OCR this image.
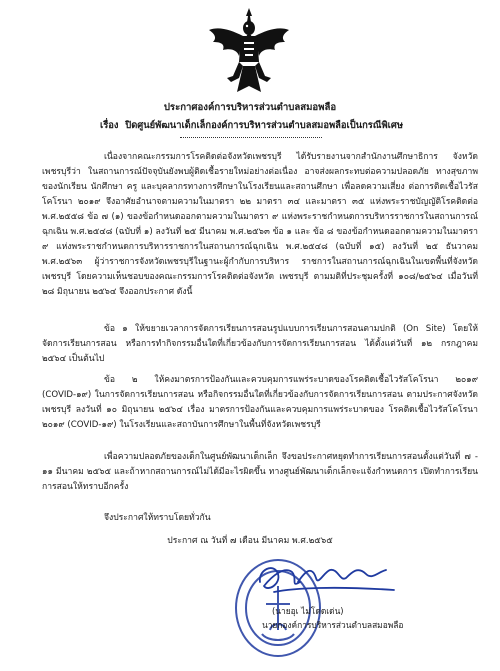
ประกาศองค์การบริหารส่วนตำบลสมอพลือ
เรื่อง ปิดศูนย์พัฒนาเด็กเล็กองค์การบริหารส่วนตำบลสมอพลือเป็นกรณีพิเศษ

เนื่องจากคณะกรรมการโรคติดต่อจังหวัดเพชรบุรี ได้รับรายงานจากสำนักงานศึกษาธิการ จังหวัดเพชรบุรีว่า ในสถานการณ์ปัจจุบันยังพบผู้ติดเชื้อรายใหม่อย่างต่อเนื่อง อาจส่งผลกระทบต่อความปลอดภัย ทางสุขภาพของนักเรียน นักศึกษา ครู และบุคลากรทางการศึกษาในโรงเรียนและสถานศึกษา เพื่อลดความเสี่ยง ต่อการติดเชื้อไวรัสโคโรนา ๒๐๑๙ จึงอาศัยอำนาจตามความในมาตรา ๒๒ มาตรา ๓๔ และมาตรา ๓๕ แห่งพระราชบัญญัติโรคติดต่อ พ.ศ.๒๕๕๘ ข้อ ๗ (๑) ของข้อกำหนดออกตามความในมาตรา ๙ แห่งพระราชกำหนดการบริหารราชการในสถานการณ์ฉุกเฉิน พ.ศ.๒๕๔๘ (ฉบับที่ ๑) ลงวันที่ ๒๕ มีนาคม พ.ศ.๒๕๖๓ ข้อ ๑ และ ข้อ ๘ ของข้อกำหนดออกตามความในมาตรา ๙ แห่งพระราชกำหนดการบริหารราชการในสถานการณ์ฉุกเฉิน พ.ศ.๒๕๔๘ (ฉบับที่ ๑๕) ลงวันที่ ๒๕ ธันวาคม พ.ศ.๒๕๖๓ ผู้ว่าราชการจังหวัดเพชรบุรีในฐานะผู้กำกับการบริหาร ราชการในสถานการณ์ฉุกเฉินในเขตพื้นที่จังหวัดเพชรบุรี โดยความเห็นชอบของคณะกรรมการโรคติดต่อจังหวัด เพชรบุรี ตามมติที่ประชุมครั้งที่ ๑๐๘/๒๕๖๔ เมื่อวันที่ ๒๘ มิถุนายน ๒๕๖๔ จึงออกประกาศ ดังนี้

ข้อ ๑ ให้ขยายเวลาการจัดการเรียนการสอนรูปแบบการเรียนการสอนตามปกติ (On Site) โดยให้จัดการเรียนการสอน หรือการทำกิจกรรมอื่นใดที่เกี่ยวข้องกับการจัดการเรียนการสอน ได้ตั้งแต่วันที่ ๑๒ กรกฎาคม ๒๕๖๔ เป็นต้นไป

ข้อ ๒ ให้คงมาตรการป้องกันและควบคุมการแพร่ระบาดของโรคติดเชื้อไวรัสโคโรนา ๒๐๑๙ (COVID-๑๙) ในการจัดการเรียนการสอน หรือกิจกรรมอื่นใดที่เกี่ยวข้องกับการจัดการเรียนการสอน ตามประกาศจังหวัดเพชรบุรี ลงวันที่ ๑๐ มิถุนายน ๒๕๖๔ เรื่อง มาตรการป้องกันและควบคุมการแพร่ระบาดของ โรคติดเชื้อไวรัสโคโรนา ๒๐๑๙ (COVID-๑๙) ในโรงเรียนและสถาบันการศึกษาในพื้นที่จังหวัดเพชรบุรี

เพื่อความปลอดภัยของเด็กในศูนย์พัฒนาเด็กเล็ก จึงขอประกาศหยุดทำการเรียนการสอนตั้งแต่วันที่ ๗ - ๑๑ มีนาคม ๒๕๖๕ และถ้าหากสถานการณ์ไม่ได้มีอะไรผิดขึ้น ทางศูนย์พัฒนาเด็กเล็กจะแจ้งกำหนดการ เปิดทำการเรียนการสอนให้ทราบอีกครั้ง

จึงประกาศให้ทราบโดยทั่วกัน
ประกาศ ณ วันที่ ๗ เดือน มีนาคม พ.ศ.๒๕๖๕
(นายอุเ ไม่โดดเด่น)
นายกองค์การบริหารส่วนตำบลสมอพลือ
